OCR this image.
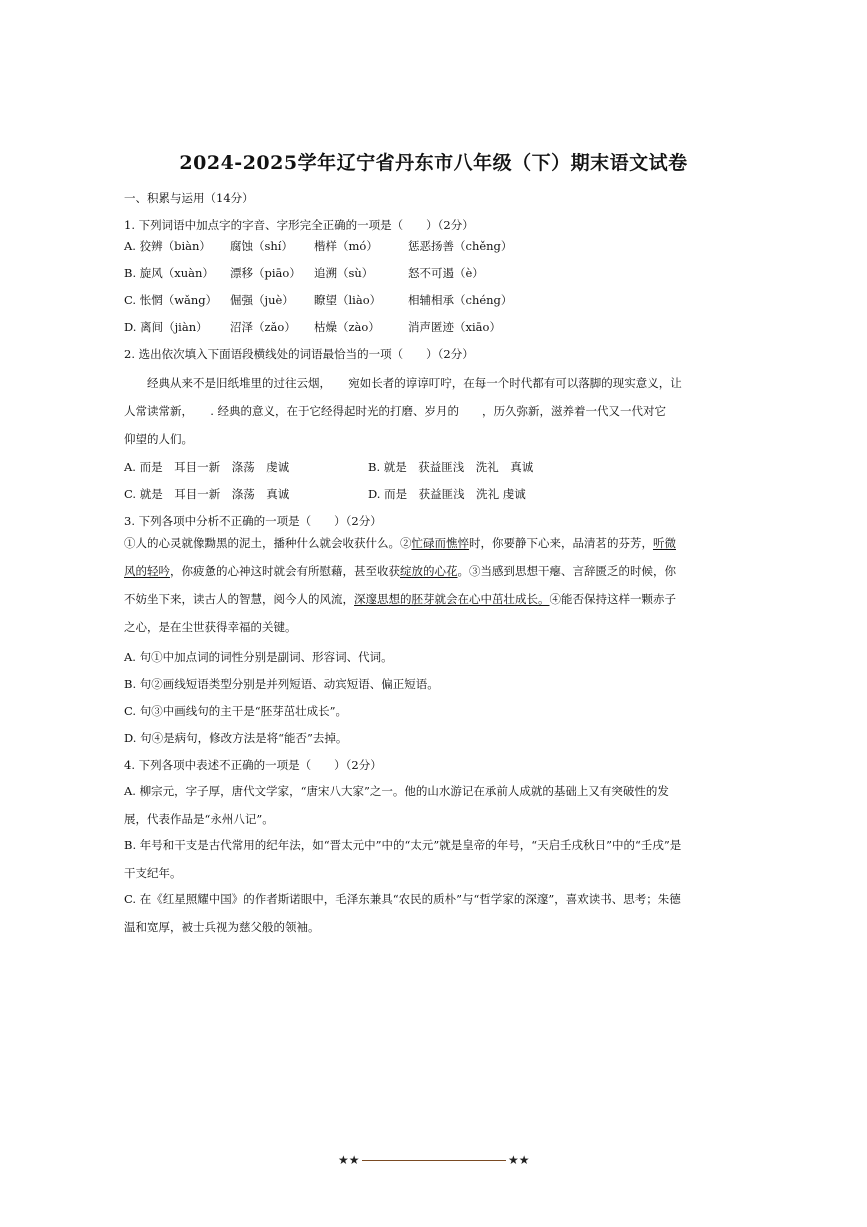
2024-2025学年辽宁省丹东市八年级（下）期末语文试卷
一、积累与运用（14分）
1. 下列词语中加点字的字音、字形完全正确的一项是（　　）（2分）
A. 狡辨（biàn） 腐蚀（shí） 楷样（mó）	惩恶扬善（chěng）
B. 旋风（xuàn） 漂移（piāo） 追溯（sù）	怒不可遏（è）
C. 怅惘（wǎng） 倔强（juè） 瞭望（liào） 相辅相承（chéng）
D. 离间（jiàn） 沼泽（zǎo） 枯燥（zào） 消声匿迹（xiāo）
2. 选出依次填入下面语段横线处的词语最恰当的一项（　　）（2分）
经典从来不是旧纸堆里的过往云烟，　　宛如长者的谆谆叮咛，在每一个时代都有可以落脚的现实意义，让人常读常新，　　. 经典的意义，在于它经得起时光的打磨、岁月的　　，历久弥新，滋养着一代又一代对它　　仰望的人们。
A. 而是　耳目一新　涤荡　虔诚	B. 就是　获益匪浅　洗礼　真诚
C. 就是　耳目一新　涤荡　真诚	D. 而是　获益匪浅　洗礼 虔诚
3. 下列各项中分析不正确的一项是（　　）（2分）
①人的心灵就像黝黑的泥土，播种什么就会收获什么。②忙碌而憔悴时，你要静下心来，品清茗的芬芳，听微风的轻吟，你疲惫的心神这时就会有所慰藉，甚至收获绽放的心花。③当感到思想干瘪、言辞匮乏的时候，你不妨坐下来，读古人的智慧，阅今人的风流，深邃思想的胚芽就会在心中茁壮成长。④能否保持这样一颗赤子之心，是在尘世获得幸福的关键。
A. 句①中加点词的词性分别是副词、形容词、代词。
B. 句②画线短语类型分别是并列短语、动宾短语、偏正短语。
C. 句③中画线句的主干是“胚芽茁壮成长”。
D. 句④是病句，修改方法是将“能否”去掉。
4. 下列各项中表述不正确的一项是（　　）（2分）
A. 柳宗元，字子厚，唐代文学家，“唐宋八大家”之一。他的山水游记在承前人成就的基础上又有突破性的发展，代表作品是“永州八记”。
B. 年号和干支是古代常用的纪年法，如“晋太元中”中的“太元”就是皇帝的年号，“天启壬戌秋日”中的“壬戌”是干支纪年。
C. 在《红星照耀中国》的作者斯诺眼中，毛泽东兼具“农民的质朴”与“哲学家的深邃”，喜欢读书、思考；朱德温和宽厚，被士兵视为慈父般的领袖。
★★	★★
